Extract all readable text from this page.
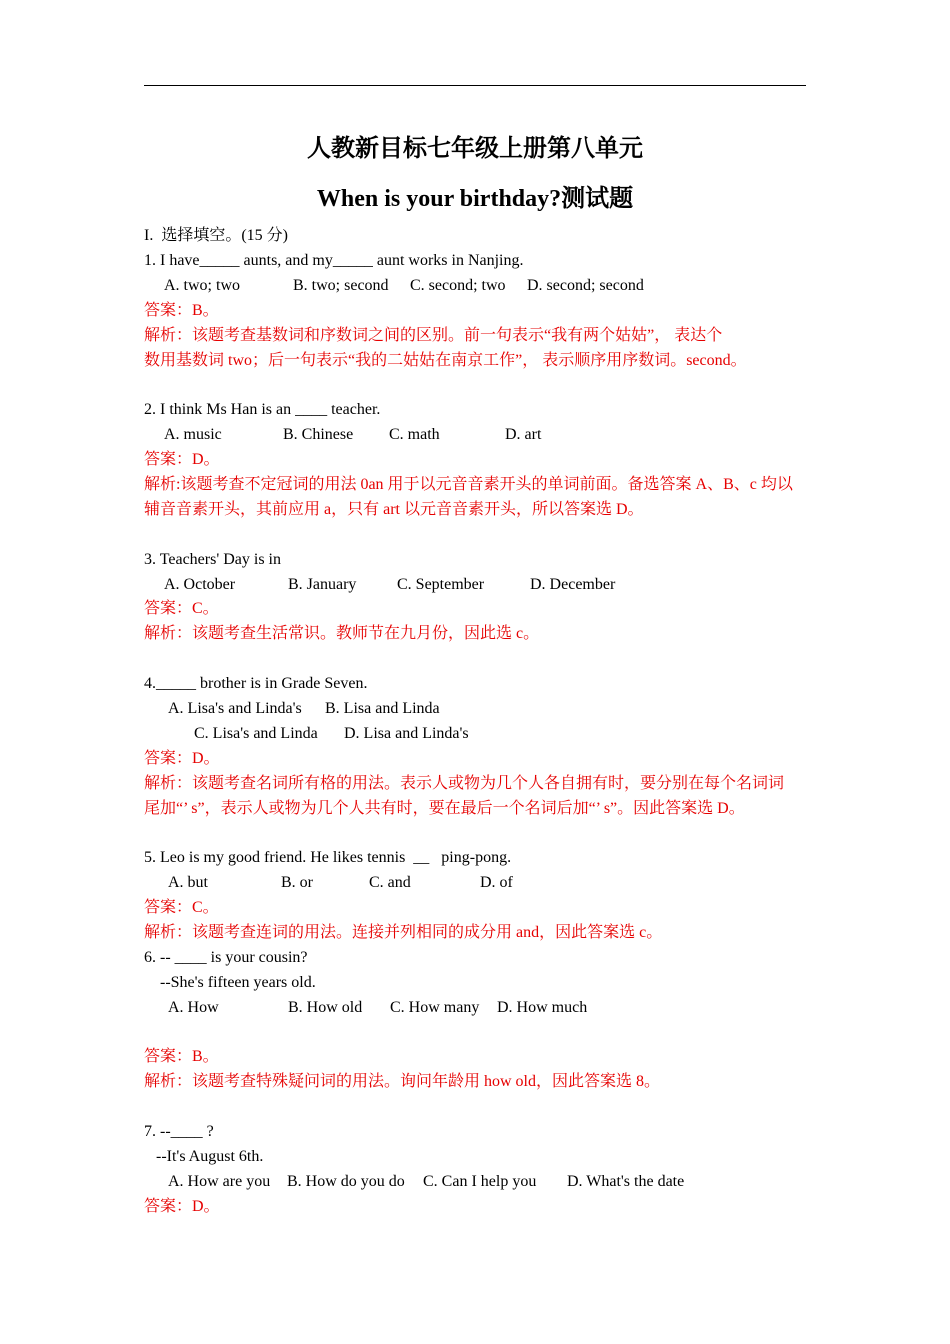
人教新目标七年级上册第八单元
When is your birthday?测试题
I.  选择填空。(15 分)
1. I have_____ aunts, and my_____ aunt works in Nanjing.

A. two; two

	B. two; second

C. second; two

D. second; second

答案：B。
解析：该题考查基数词和序数词之间的区别。前一句表示“我有两个姑姑”， 表达个
数用基数词 two；后一句表示“我的二姑姑在南京工作”， 表示顺序用序数词。second。
2. I think Ms Han is an ____ teacher.

A. music

	B. Chinese

C. math

	D. art

答案：D。
解析:该题考查不定冠词的用法 0an 用于以元音音素开头的单词前面。备选答案 A、B、c 均以
辅音音素开头，其前应用 a，只有 art 以元音音素开头，所以答案选 D。
3. Teachers' Day is in

A. October

	B. January

	C. September

	D. December

答案：C。
解析：该题考查生活常识。教师节在九月份，因此选 c。
4._____ brother is in Grade Seven.

A. Lisa's and Linda's

B. Lisa and Linda

C. Lisa's and Linda

D. Lisa and Linda's

答案：D。
解析：该题考查名词所有格的用法。表示人或物为几个人各自拥有时，要分别在每个名词词
尾加“’ s”，表示人或物为几个人共有时，要在最后一个名词后加“’ s”。因此答案选 D。
5. Leo is my good friend. He likes tennis  __   ping-pong.

A. but

	B. or

	C. and

	D. of

答案：C。
解析：该题考查连词的用法。连接并列相同的成分用 and，因此答案选 c。
6. -- ____ is your cousin?
--She's fifteen years old.

A. How

	B. How old

C. How many

D. How much

答案：B。
解析：该题考查特殊疑问词的用法。询问年龄用 how old，因此答案选 8。
7. --____ ?
--It's August 6th.

A. How are you

B. How do you do

C. Can I help you

D. What's the date

答案：D。
